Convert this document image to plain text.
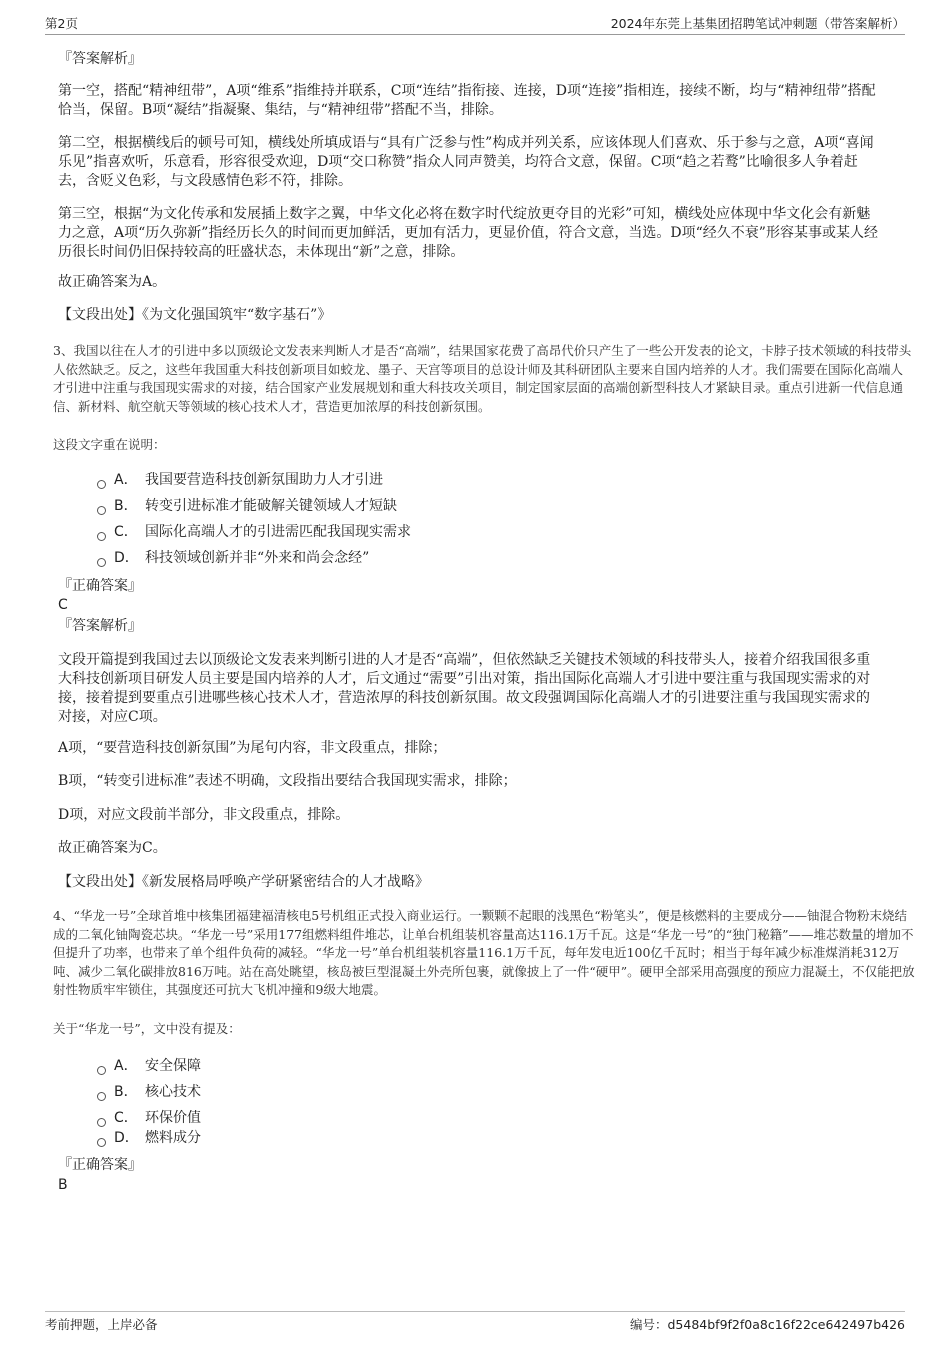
第2页	2024年东莞上基集团招聘笔试冲刺题（带答案解析）
『答案解析』
第一空，搭配“精神纽带”，A项“维系”指维持并联系，C项“连结”指衔接、连接，D项“连接”指相连，接续不断，均与“精神纽带”搭配恰当，保留。B项“凝结”指凝聚、集结，与“精神纽带”搭配不当，排除。
第二空，根据横线后的顿号可知，横线处所填成语与“具有广泛参与性”构成并列关系，应该体现人们喜欢、乐于参与之意，A项“喜闻乐见”指喜欢听，乐意看，形容很受欢迎，D项“交口称赞”指众人同声赞美，均符合文意，保留。C项“趋之若鹜”比喻很多人争着赶去，含贬义色彩，与文段感情色彩不符，排除。
第三空，根据“为文化传承和发展插上数字之翼，中华文化必将在数字时代绽放更夺目的光彩”可知，横线处应体现中华文化会有新魅力之意，A项“历久弥新”指经历长久的时间而更加鲜活，更加有活力，更显价值，符合文意，当选。D项“经久不衰”形容某事或某人经历很长时间仍旧保持较高的旺盛状态，未体现出“新”之意，排除。
故正确答案为A。
【文段出处】《为文化强国筑牢“数字基石”》
3、我国以往在人才的引进中多以顶级论文发表来判断人才是否“高端”，结果国家花费了高昂代价只产生了一些公开发表的论文，卡脖子技术领域的科技带头人依然缺乏。反之，这些年我国重大科技创新项目如蛟龙、墨子、天宫等项目的总设计师及其科研团队主要来自国内培养的人才。我们需要在国际化高端人才引进中注重与我国现实需求的对接，结合国家产业发展规划和重大科技攻关项目，制定国家层面的高端创新型科技人才紧缺目录。重点引进新一代信息通信、新材料、航空航天等领域的核心技术人才，营造更加浓厚的科技创新氛围。
这段文字重在说明：
A． 我国要营造科技创新氛围助力人才引进
B． 转变引进标准才能破解关键领域人才短缺
C． 国际化高端人才的引进需匹配我国现实需求
D． 科技领域创新并非“外来和尚会念经”
『正确答案』
C
『答案解析』
文段开篇提到我国过去以顶级论文发表来判断引进的人才是否“高端”，但依然缺乏关键技术领域的科技带头人，接着介绍我国很多重大科技创新项目研发人员主要是国内培养的人才，后文通过“需要”引出对策，指出国际化高端人才引进中要注重与我国现实需求的对接，接着提到要重点引进哪些核心技术人才，营造浓厚的科技创新氛围。故文段强调国际化高端人才的引进要注重与我国现实需求的对接，对应C项。
A项，“要营造科技创新氛围”为尾句内容，非文段重点，排除；
B项，“转变引进标准”表述不明确，文段指出要结合我国现实需求，排除；
D项，对应文段前半部分，非文段重点，排除。
故正确答案为C。
【文段出处】《新发展格局呼唤产学研紧密结合的人才战略》
4、“华龙一号”全球首堆中核集团福建福清核电5号机组正式投入商业运行。一颗颗不起眼的浅黑色“粉笔头”，便是核燃料的主要成分——铀混合物粉末烧结成的二氧化铀陶瓷芯块。“华龙一号”采用177组燃料组件堆芯，让单台机组装机容量高达116.1万千瓦。这是“华龙一号”的“独门秘籍”——堆芯数量的增加不但提升了功率，也带来了单个组件负荷的减轻。“华龙一号”单台机组装机容量116.1万千瓦，每年发电近100亿千瓦时；相当于每年减少标准煤消耗312万吨、减少二氧化碳排放816万吨。站在高处眺望，核岛被巨型混凝土外壳所包裹，就像披上了一件“硬甲”。硬甲全部采用高强度的预应力混凝土，不仅能把放射性物质牢牢锁住，其强度还可抗大飞机冲撞和9级大地震。
关于“华龙一号”，文中没有提及：
A． 安全保障
B． 核心技术
C． 环保价值
D． 燃料成分
『正确答案』
B
考前押题，上岸必备	编号：d5484bf9f2f0a8c16f22ce642497b426
